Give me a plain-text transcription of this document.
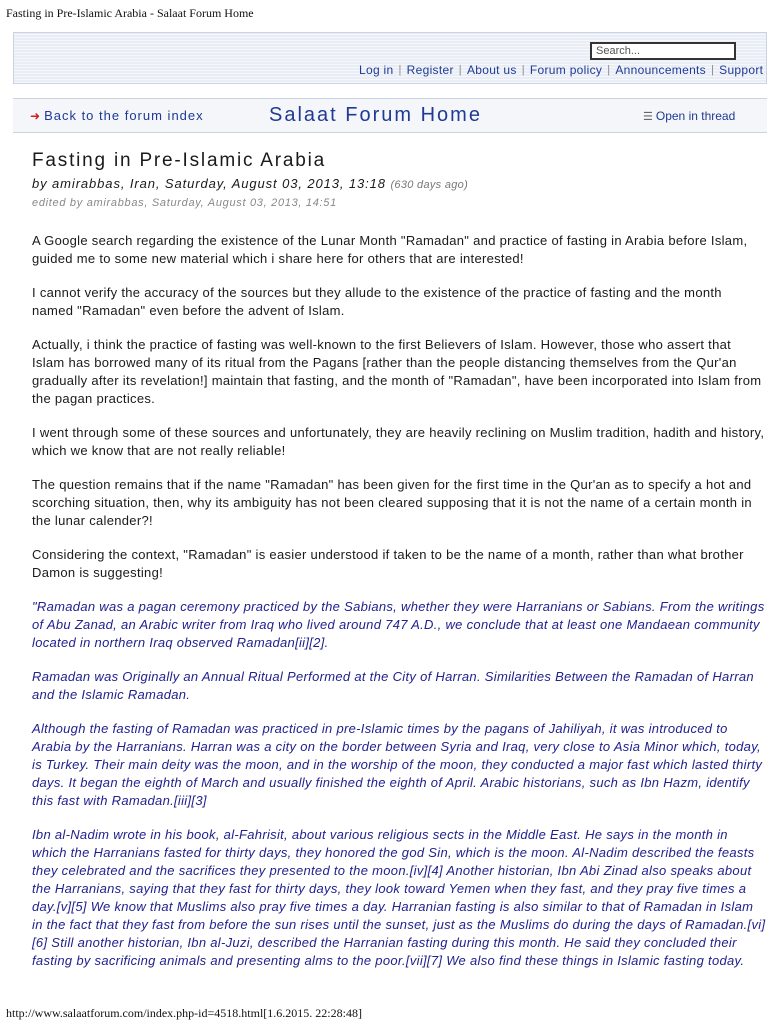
Fasting in Pre-Islamic Arabia - Salaat Forum Home
Search...
Log in | Register | About us | Forum policy | Announcements | Support
➜ Back to the forum index	Salaat Forum Home	☰ Open in thread
Fasting in Pre-Islamic Arabia
by amirabbas, Iran, Saturday, August 03, 2013, 13:18 (630 days ago)
edited by amirabbas, Saturday, August 03, 2013, 14:51

A Google search regarding the existence of the Lunar Month "Ramadan" and practice of fasting in Arabia before Islam, guided me to some new material which i share here for others that are interested!

I cannot verify the accuracy of the sources but they allude to the existence of the practice of fasting and the month named "Ramadan" even before the advent of Islam.

Actually, i think the practice of fasting was well-known to the first Believers of Islam. However, those who assert that Islam has borrowed many of its ritual from the Pagans [rather than the people distancing themselves from the Qur'an gradually after its revelation!] maintain that fasting, and the month of "Ramadan", have been incorporated into Islam from the pagan practices.

I went through some of these sources and unfortunately, they are heavily reclining on Muslim tradition, hadith and history, which we know that are not really reliable!

The question remains that if the name "Ramadan" has been given for the first time in the Qur'an as to specify a hot and scorching situation, then, why its ambiguity has not been cleared supposing that it is not the name of a certain month in the lunar calender?!

Considering the context, "Ramadan" is easier understood if taken to be the name of a month, rather than what brother Damon is suggesting!

"Ramadan was a pagan ceremony practiced by the Sabians, whether they were Harranians or Sabians. From the writings of Abu Zanad, an Arabic writer from Iraq who lived around 747 A.D., we conclude that at least one Mandaean community located in northern Iraq observed Ramadan[ii][2].

Ramadan was Originally an Annual Ritual Performed at the City of Harran. Similarities Between the Ramadan of Harran and the Islamic Ramadan.

Although the fasting of Ramadan was practiced in pre-Islamic times by the pagans of Jahiliyah, it was introduced to Arabia by the Harranians. Harran was a city on the border between Syria and Iraq, very close to Asia Minor which, today, is Turkey. Their main deity was the moon, and in the worship of the moon, they conducted a major fast which lasted thirty days. It began the eighth of March and usually finished the eighth of April. Arabic historians, such as Ibn Hazm, identify this fast with Ramadan.[iii][3]

Ibn al-Nadim wrote in his book, al-Fahrisit, about various religious sects in the Middle East. He says in the month in which the Harranians fasted for thirty days, they honored the god Sin, which is the moon. Al-Nadim described the feasts they celebrated and the sacrifices they presented to the moon.[iv][4] Another historian, Ibn Abi Zinad also speaks about the Harranians, saying that they fast for thirty days, they look toward Yemen when they fast, and they pray five times a day.[v][5] We know that Muslims also pray five times a day. Harranian fasting is also similar to that of Ramadan in Islam in the fact that they fast from before the sun rises until the sunset, just as the Muslims do during the days of Ramadan.[vi][6] Still another historian, Ibn al-Juzi, described the Harranian fasting during this month. He said they concluded their fasting by sacrificing animals and presenting alms to the poor.[vii][7] We also find these things in Islamic fasting today.

http://www.salaatforum.com/index.php-id=4518.html[1.6.2015. 22:28:48]
